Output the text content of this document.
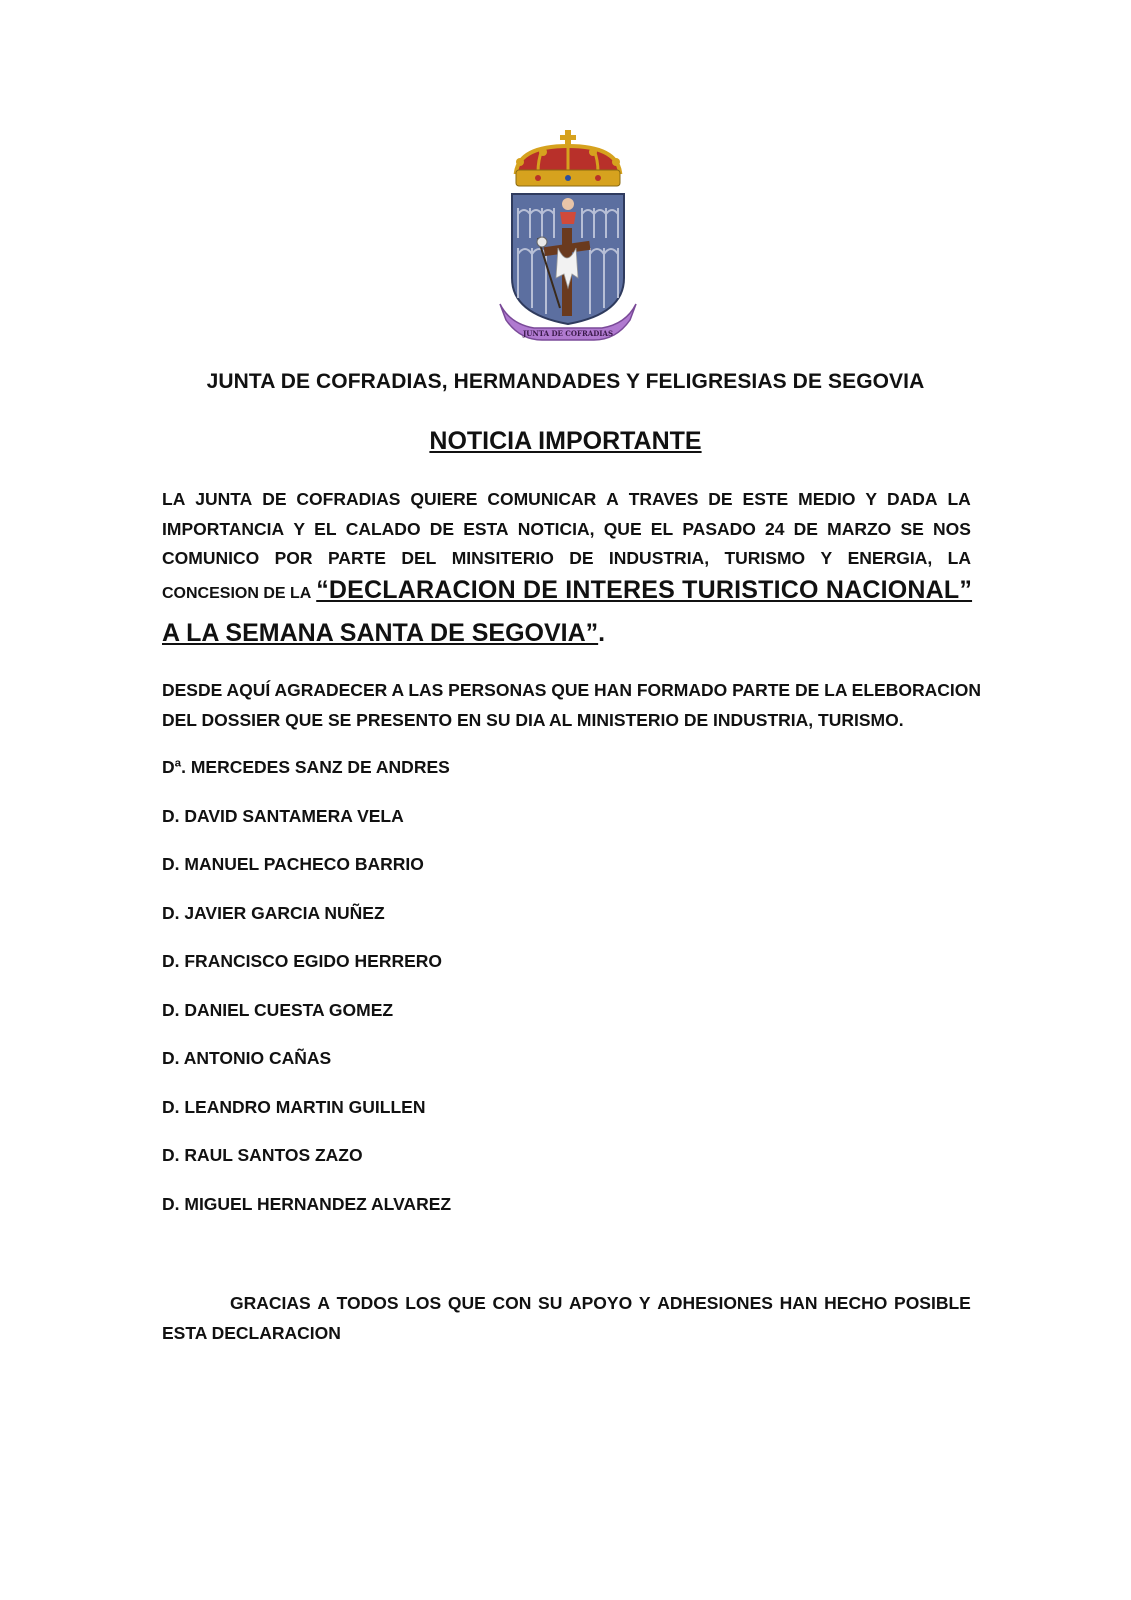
JUNTA DE COFRADIAS
JUNTA DE COFRADIAS, HERMANDADES Y FELIGRESIAS DE SEGOVIA
NOTICIA IMPORTANTE
LA JUNTA DE COFRADIAS QUIERE COMUNICAR A TRAVES DE ESTE MEDIO Y DADA LA
IMPORTANCIA Y EL CALADO DE ESTA NOTICIA, QUE EL PASADO 24 DE MARZO SE NOS
COMUNICO POR PARTE DEL MINSITERIO DE INDUSTRIA, TURISMO Y ENERGIA, LA
CONCESION DE LA “DECLARACION DE INTERES TURISTICO NACIONAL”
A LA SEMANA SANTA DE SEGOVIA”.
DESDE AQUÍ AGRADECER A LAS PERSONAS QUE HAN FORMADO PARTE DE LA ELEBORACION
DEL DOSSIER QUE SE PRESENTO EN SU DIA AL MINISTERIO DE INDUSTRIA, TURISMO.
Dª. MERCEDES SANZ DE ANDRES
D. DAVID SANTAMERA VELA
D. MANUEL PACHECO BARRIO
D. JAVIER GARCIA NUÑEZ
D. FRANCISCO EGIDO HERRERO
D. DANIEL CUESTA GOMEZ
D. ANTONIO CAÑAS
D. LEANDRO MARTIN GUILLEN
D. RAUL SANTOS ZAZO
D. MIGUEL HERNANDEZ ALVAREZ
GRACIAS A TODOS LOS QUE CON SU APOYO Y ADHESIONES HAN HECHO POSIBLE
ESTA DECLARACION
